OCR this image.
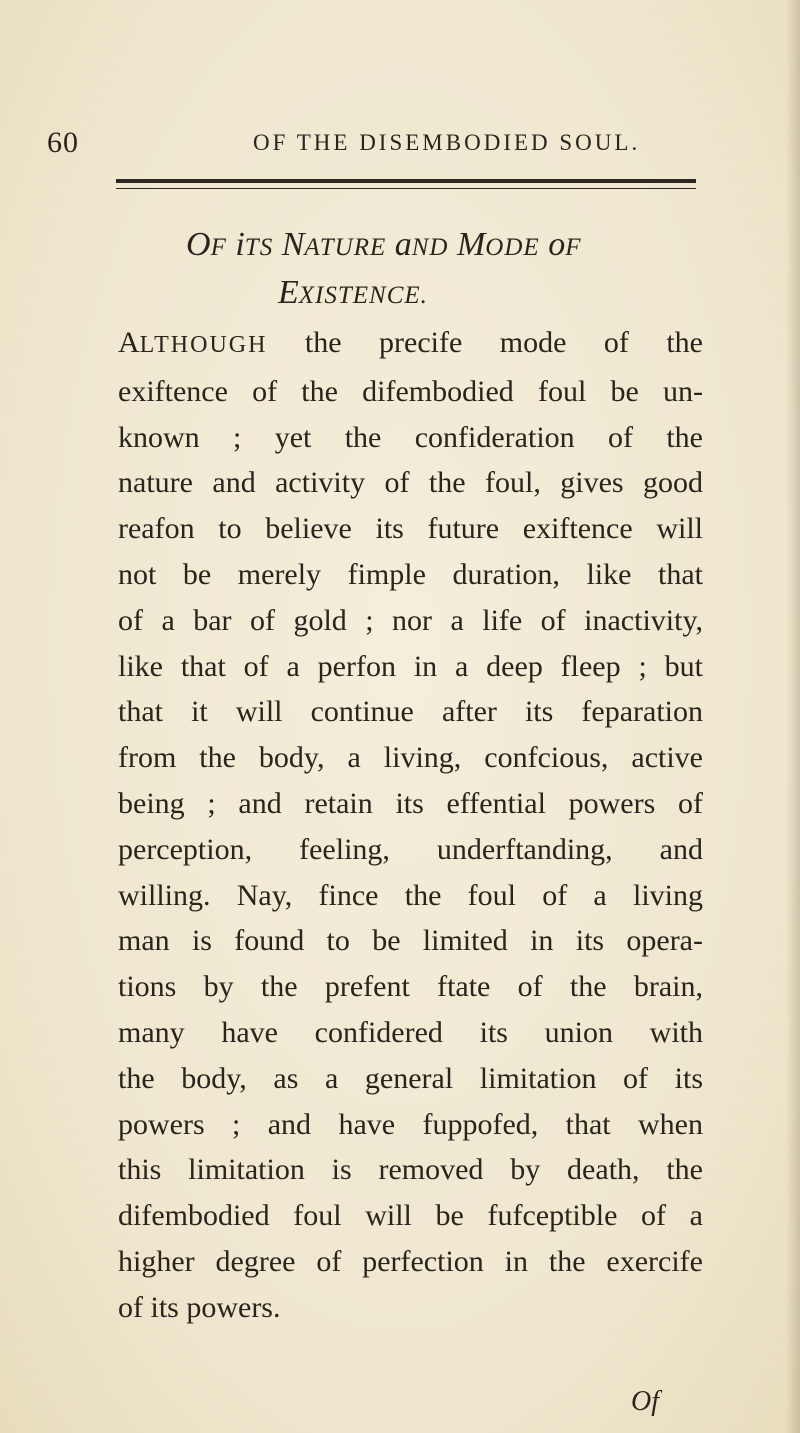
60	OF THE DISEMBODIED SOUL.
OF iTS NATURE aND MODE oF
EXISTENCE.
ALTHOUGH the precife mode of the
exiftence of the difembodied foul be un-
known ; yet the confideration of the
nature and activity of the foul, gives good
reafon to believe its future exiftence will
not be merely fimple duration, like that
of a bar of gold ; nor a life of inactivity,
like that of a perfon in a deep fleep ; but
that it will continue after its feparation
from the body, a living, confcious, active
being ; and retain its effential powers of
perception, feeling, underftanding, and
willing. Nay, fince the foul of a living
man is found to be limited in its opera-
tions by the prefent ftate of the brain,
many have confidered its union with
the body, as a general limitation of its
powers ; and have fuppofed, that when
this limitation is removed by death, the
difembodied foul will be fufceptible of a
higher degree of perfection in the exercife
of its powers.
Of
